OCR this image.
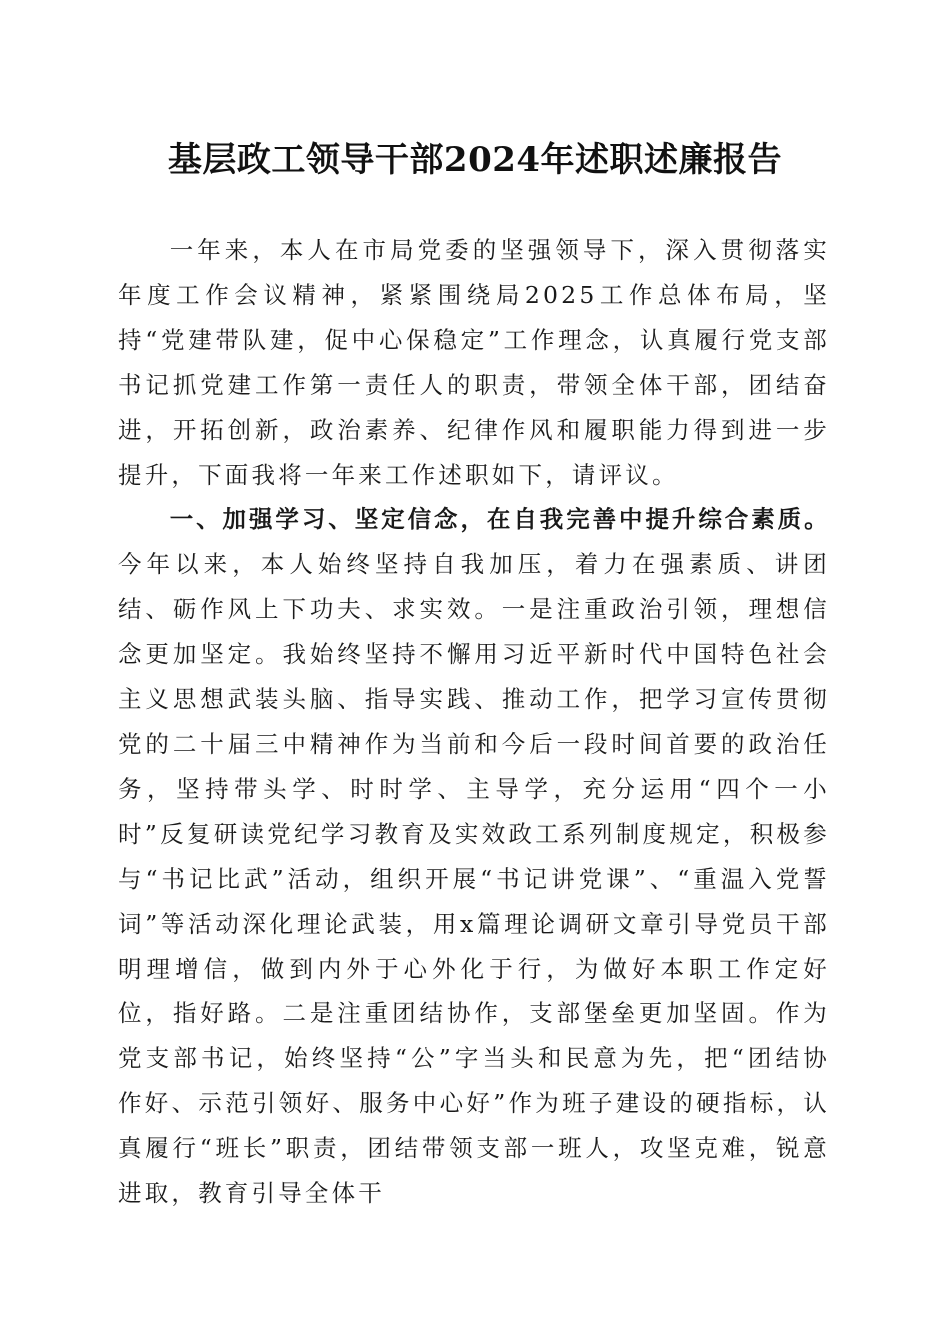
基层政工领导干部2024年述职述廉报告

一年来，本人在市局党委的坚强领导下，深入贯彻落实年度工作会议精神，紧紧围绕局2025工作总体布局，坚持“党建带队建，促中心保稳定”工作理念，认真履行党支部书记抓党建工作第一责任人的职责，带领全体干部，团结奋进，开拓创新，政治素养、纪律作风和履职能力得到进一步提升，下面我将一年来工作述职如下，请评议。

一、加强学习、坚定信念，在自我完善中提升综合素质。今年以来，本人始终坚持自我加压，着力在强素质、讲团结、砺作风上下功夫、求实效。一是注重政治引领，理想信念更加坚定。我始终坚持不懈用习近平新时代中国特色社会主义思想武装头脑、指导实践、推动工作，把学习宣传贯彻党的二十届三中精神作为当前和今后一段时间首要的政治任务，坚持带头学、时时学、主导学，充分运用“四个一小时”反复研读党纪学习教育及实效政工系列制度规定，积极参与“书记比武”活动，组织开展“书记讲党课”、“重温入党誓词”等活动深化理论武装，用x篇理论调研文章引导党员干部明理增信，做到内外于心外化于行，为做好本职工作定好位，指好路。二是注重团结协作，支部堡垒更加坚固。作为党支部书记，始终坚持“公”字当头和民意为先，把“团结协作好、示范引领好、服务中心好”作为班子建设的硬指标，认真履行“班长”职责，团结带领支部一班人，攻坚克难，锐意进取，教育引导全体干
